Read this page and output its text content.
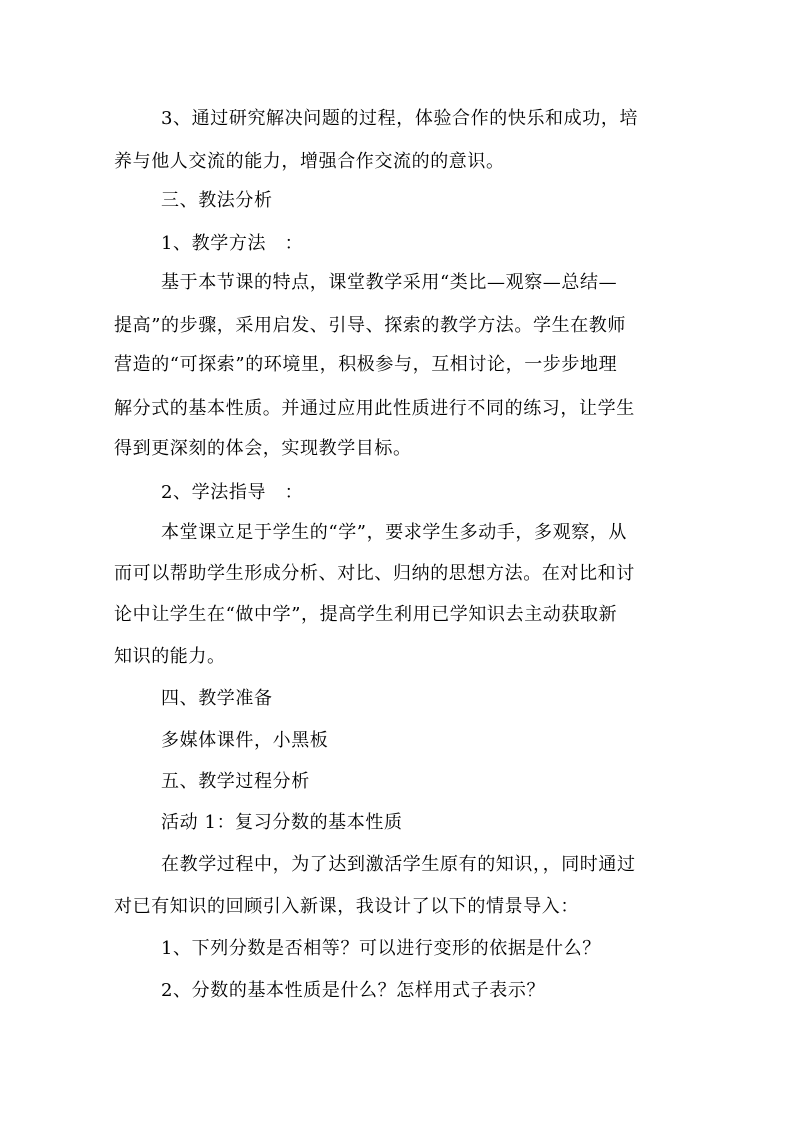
3、通过研究解决问题的过程，体验合作的快乐和成功，培
养与他人交流的能力，增强合作交流的的意识。
三、教法分析
1、教学方法　：
基于本节课的特点，课堂教学采用“类比—观察—总结—
提高”的步骤，采用启发、引导、探索的教学方法。学生在教师
营造的“可探索”的环境里，积极参与，互相讨论，一步步地理
解分式的基本性质。并通过应用此性质进行不同的练习，让学生
得到更深刻的体会，实现教学目标。
2、学法指导　：
本堂课立足于学生的“学”，要求学生多动手，多观察，从
而可以帮助学生形成分析、对比、归纳的思想方法。在对比和讨
论中让学生在“做中学”，提高学生利用已学知识去主动获取新
知识的能力。
四、教学准备
多媒体课件，小黑板
五、教学过程分析
活动 1：复习分数的基本性质
在教学过程中，为了达到激活学生原有的知识，，同时通过
对已有知识的回顾引入新课，我设计了以下的情景导入：
1、下列分数是否相等？可以进行变形的依据是什么？
2、分数的基本性质是什么？怎样用式子表示？
